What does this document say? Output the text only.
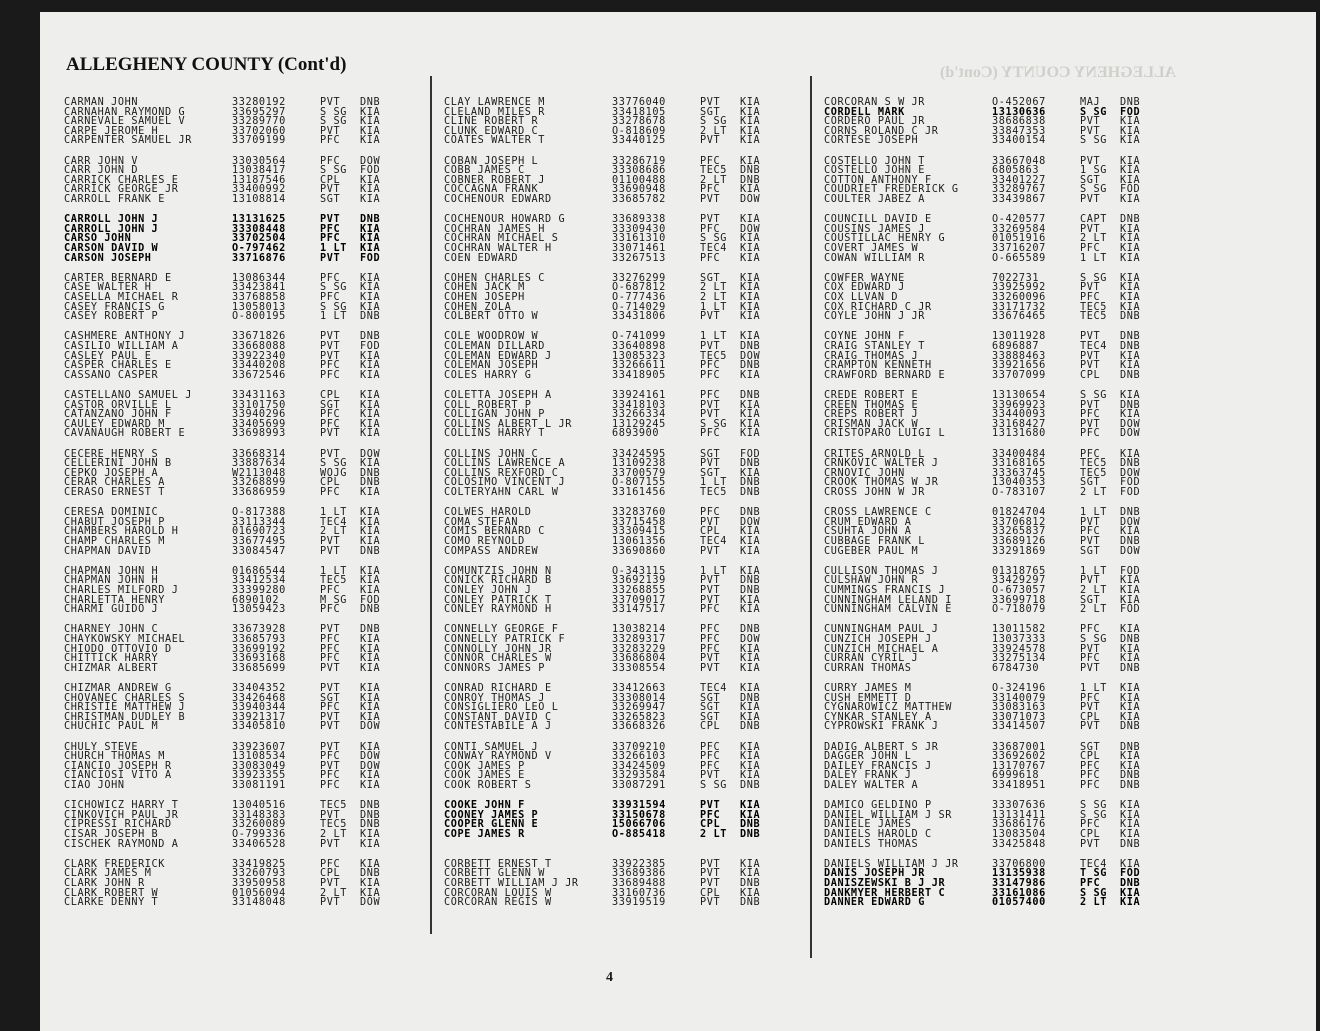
ALLEGHENY COUNTY (Cont'd)	ALLEGHENY COUNTY (Cont'd)
CARMAN JOHN	33280192	PVT DNB
CARNAHAN RAYMOND G	33695297	S SG KIA
CARNEVALE SAMUEL V	33289770	S SG KIA
CARPE JEROME H	33702060	PVT KIA
CARPENTER SAMUEL JR	33709199	PFC KIA
CARR JOHN V	33030564	PFC DOW
CARR JOHN D	13038417	S SG FOD
CARRICK CHARLES E	13187546	CPL KIA
CARRICK GEORGE JR	33400992	PVT KIA
CARROLL FRANK E	13108814	SGT KIA
CARROLL JOHN J	13131625	PVT DNB
CARROLL JOHN J	33308448	PFC KIA
CARSO JOHN	33702504	PFC KIA
CARSON DAVID W	O-797462	1 LT KIA
CARSON JOSEPH	33716876	PVT FOD
CARTER BERNARD E	13086344	PFC KIA
CASE WALTER H	33423841	S SG KIA
CASELLA MICHAEL R	33768858	PFC KIA
CASEY FRANCIS G	13058013	S SG KIA
CASEY ROBERT P	O-800195	1 LT DNB
CASHMERE ANTHONY J	33671826	PVT DNB
CASILIO WILLIAM A	33668088	PVT FOD
CASLEY PAUL E	33922340	PVT KIA
CASPER CHARLES E	33440208	PFC KIA
CASSANO CASPER	33672546	PFC KIA
CASTELLANO SAMUEL J	33431163	CPL KIA
CASTOR ORVILLE L	33101750	SGT KIA
CATANZANO JOHN F	33940296	PFC KIA
CAULEY EDWARD M	33405699	PFC KIA
CAVANAUGH ROBERT E	33698993	PVT KIA
CECERE HENRY S	33668314	PVT DOW
CELLERINI JOHN B	33887634	S SG KIA
CEPKO JOSEPH A	W2113048	WOJG DNB
CERAR CHARLES A	33268899	CPL DNB
CERASO ERNEST T	33686959	PFC KIA
CERESA DOMINIC	O-817388	1 LT KIA
CHABUT JOSEPH P	33113344	TEC4 KIA
CHAMBERS HAROLD H	01690723	2 LT KIA
CHAMP CHARLES M	33677495	PVT KIA
CHAPMAN DAVID	33084547	PVT DNB
CHAPMAN JOHN H	01686544	1 LT KIA
CHAPMAN JOHN H	33412534	TEC5 KIA
CHARLES MILFORD J	33399280	PFC KIA
CHARLETTA HENRY	6890102	M SG FOD
CHARMI GUIDO J	13059423	PFC DNB
CHARNEY JOHN C	33673928	PVT DNB
CHAYKOWSKY MICHAEL	33685793	PFC KIA
CHIODO OTTOVIO D	33699192	PFC KIA
CHITTICK HARRY	33693168	PFC KIA
CHIZMAR ALBERT	33685699	PVT KIA
CHIZMAR ANDREW G	33404352	PVT KIA
CHOVANEC CHARLES S	33426468	SGT KIA
CHRISTIE MATTHEW J	33940344	PFC KIA
CHRISTMAN DUDLEY B	33921317	PVT KIA
CHUCHIC PAUL M	33405810	PVT DOW
CHULY STEVE	33923607	PVT KIA
CHURCH THOMAS M	13108534	PFC DOW
CIANCIO JOSEPH R	33083049	PVT DOW
CIANCIOSI VITO A	33923355	PFC KIA
CIAO JOHN	33081191	PFC KIA
CICHOWICZ HARRY T	13040516	TEC5 DNB
CINKOVICH PAUL JR	33148383	PVT DNB
CIPRESSI RICHARD	33260089	TEC5 DNB
CISAR JOSEPH B	O-799336	2 LT KIA
CISCHEK RAYMOND A	33406528	PVT KIA
CLARK FREDERICK	33419825	PFC KIA
CLARK JAMES M	33260793	CPL DNB
CLARK JOHN R	33950958	PVT KIA
CLARK ROBERT W	01056094	2 LT KIA
CLARKE DENNY T	33148048	PVT DOW
CLAY LAWRENCE M	33776040	PVT KIA
CLELAND MILES R	33418105	SGT KIA
CLINE ROBERT R	33278678	S SG KIA
CLUNK EDWARD C	O-818609	2 LT KIA
COATES WALTER T	33440125	PVT KIA
COBAN JOSEPH L	33286719	PFC KIA
COBB JAMES C	33308686	TEC5 DNB
COBNER ROBERT J	01100488	2 LT DNB
COCCAGNA FRANK	33690948	PFC KIA
COCHENOUR EDWARD	33685782	PVT DOW
COCHENOUR HOWARD G	33689338	PVT KIA
COCHRAN JAMES H	33309430	PFC DOW
COCHRAN MICHAEL S	33161310	S SG KIA
COCHRAN WALTER H	33071461	TEC4 KIA
COEN EDWARD	33267513	PFC KIA
COHEN CHARLES C	33276299	SGT KIA
COHEN JACK M	O-687812	2 LT KIA
COHEN JOSEPH	O-777436	2 LT KIA
COHEN ZOLA	O-714029	1 LT KIA
COLBERT OTTO W	33431806	PVT KIA
COLE WOODROW W	O-741099	1 LT KIA
COLEMAN DILLARD	33640898	PVT DNB
COLEMAN EDWARD J	13085323	TEC5 DOW
COLEMAN JOSEPH	33266611	PFC DNB
COLES HARRY G	33418905	PFC KIA
COLETTA JOSEPH A	33924161	PFC DNB
COLL ROBERT P	33418103	PVT KIA
COLLIGAN JOHN P	33266334	PVT KIA
COLLINS ALBERT L JR	13129245	S SG KIA
COLLINS HARRY T	6893900	PFC KIA
COLLINS JOHN C	33424595	SGT FOD
COLLINS LAWRENCE A	13109238	PVT DNB
COLLINS REXFORD C	33700579	SGT KIA
COLOSIMO VINCENT J	O-807155	1 LT DNB
COLTERYAHN CARL W	33161456	TEC5 DNB
COLWES HAROLD	33283760	PFC DNB
COMA STEFAN	33715458	PVT DOW
COMIS BERNARD C	33309415	CPL KIA
COMO REYNOLD	13061356	TEC4 KIA
COMPASS ANDREW	33690860	PVT KIA
COMUNTZIS JOHN N	O-343115	1 LT KIA
CONICK RICHARD B	33692139	PVT DNB
CONLEY JOHN J	33268855	PVT DNB
CONLEY PATRICK T	33709017	PVT KIA
CONLEY RAYMOND H	33147517	PFC KIA
CONNELLY GEORGE F	13038214	PFC DNB
CONNELLY PATRICK F	33289317	PFC DOW
CONNOLLY JOHN JR	33283229	PFC KIA
CONNOR CHARLES W	33686804	PVT KIA
CONNORS JAMES P	33308554	PVT KIA
CONRAD RICHARD E	33412663	TEC4 KIA
CONROY THOMAS J	33308014	SGT DNB
CONSIGLIERO LEO L	33269947	SGT KIA
CONSTANT DAVID C	33265823	SGT KIA
CONTESTABILE A J	33668326	CPL DNB
CONTI SAMUEL J	33709210	PFC KIA
CONWAY RAYMOND V	33266103	PFC KIA
COOK JAMES P	33424509	PFC KIA
COOK JAMES E	33293584	PVT KIA
COOK ROBERT S	33087291	S SG DNB
COOKE JOHN F	33931594	PVT KIA
COONEY JAMES P	33150678	PFC KIA
COOPER GLENN E	15066706	CPL DNB
COPE JAMES R	O-885418	2 LT DNB
CORBETT ERNEST T	33922385	PVT KIA
CORBETT GLENN W	33689386	PVT KIA
CORBETT WILLIAM J JR	33689488	PVT DNB
CORCORAN LOUIS W	33160736	CPL KIA
CORCORAN REGIS W	33919519	PVT DNB
CORCORAN S W JR	O-452067	MAJ DNB
CORDELL MARK	13130636	S SG FOD
CORDERO PAUL JR	38686838	PVT KIA
CORNS ROLAND C JR	33847353	PVT KIA
CORTESE JOSEPH	33400154	S SG KIA
COSTELLO JOHN T	33667048	PVT KIA
COSTELLO JOHN E	6805863	1 SG KIA
COTTON ANTHONY F	33401227	SGT KIA
COUDRIET FREDERICK G	33289767	S SG FOD
COULTER JABEZ A	33439867	PVT KIA
COUNCILL DAVID E	O-420577	CAPT DNB
COUSINS JAMES J	33269584	PVT KIA
COUSTILLAC HENRY G	01051916	2 LT KIA
COVERT JAMES W	33716207	PFC KIA
COWAN WILLIAM R	O-665589	1 LT KIA
COWFER WAYNE	7022731	S SG KIA
COX EDWARD J	33925992	PVT KIA
COX LLVAN D	33260096	PFC KIA
COX RICHARD C JR	33171732	TEC5 KIA
COYLE JOHN J JR	33676465	TEC5 DNB
COYNE JOHN F	13011928	PVT DNB
CRAIG STANLEY T	6896887	TEC4 DNB
CRAIG THOMAS J	33888463	PVT KIA
CRAMPTON KENNETH	33921656	PVT KIA
CRAWFORD BERNARD E	33707099	CPL DNB
CREDE ROBERT E	13130654	S SG KIA
CREEN THOMAS E	33969923	PVT DNB
CREPS ROBERT J	33440093	PFC KIA
CRISMAN JACK W	33168427	PVT DOW
CRISTOPARO LUIGI L	13131680	PFC DOW
CRITES ARNOLD L	33400484	PFC KIA
CRNKOVIC WALTER J	33168165	TEC5 DNB
CRNOVIC JOHN	33363745	TEC5 DOW
CROOK THOMAS W JR	13040353	SGT FOD
CROSS JOHN W JR	O-783107	2 LT FOD
CROSS LAWRENCE C	01824704	1 LT DNB
CRUM EDWARD A	33706812	PVT DOW
CSUHTA JOHN A	33265837	PFC KIA
CUBBAGE FRANK L	33689126	PVT DNB
CUGEBER PAUL M	33291869	SGT DOW
CULLISON THOMAS J	01318765	1 LT FOD
CULSHAW JOHN R	33429297	PVT KIA
CUMMINGS FRANCIS J	O-673057	2 LT KIA
CUNNINGHAM LELAND I	33699718	SGT KIA
CUNNINGHAM CALVIN E	O-718079	2 LT FOD
CUNNINGHAM PAUL J	13011582	PFC KIA
CUNZICH JOSEPH J	13037333	S SG DNB
CUNZICH MICHAEL A	33924578	PVT KIA
CURRAN CYRIL J	33275134	PFC KIA
CURRAN THOMAS	6784730	PVT DNB
CURRY JAMES M	O-324196	1 LT KIA
CUSH EMMETT D	33140079	PFC KIA
CYGNAROWICZ MATTHEW	33083163	PVT KIA
CYNKAR STANLEY A	33071073	CPL KIA
CYPROWSKI FRANK J	33414507	PVT DNB
DADIG ALBERT S JR	33687001	SGT DNB
DAGGER JOHN L	33692602	CPL KIA
DAILEY FRANCIS J	13170767	PFC KIA
DALEY FRANK J	6999618	PFC DNB
DALEY WALTER A	33418951	PFC DNB
DAMICO GELDINO P	33307636	S SG KIA
DANIEL WILLIAM J SR	13131411	S SG KIA
DANIELE JAMES	33686176	PFC KIA
DANIELS HAROLD C	13083504	CPL KIA
DANIELS THOMAS	33425848	PVT DNB
DANIELS WILLIAM J JR	33706800	TEC4 KIA
DANIS JOSEPH JR	13135938	T SG FOD
DANISZEWSKI B J JR	33147986	PFC DNB
DANKMYER HERBERT C	33161086	S SG KIA
DANNER EDWARD G	01057400	2 LT KIA
4
